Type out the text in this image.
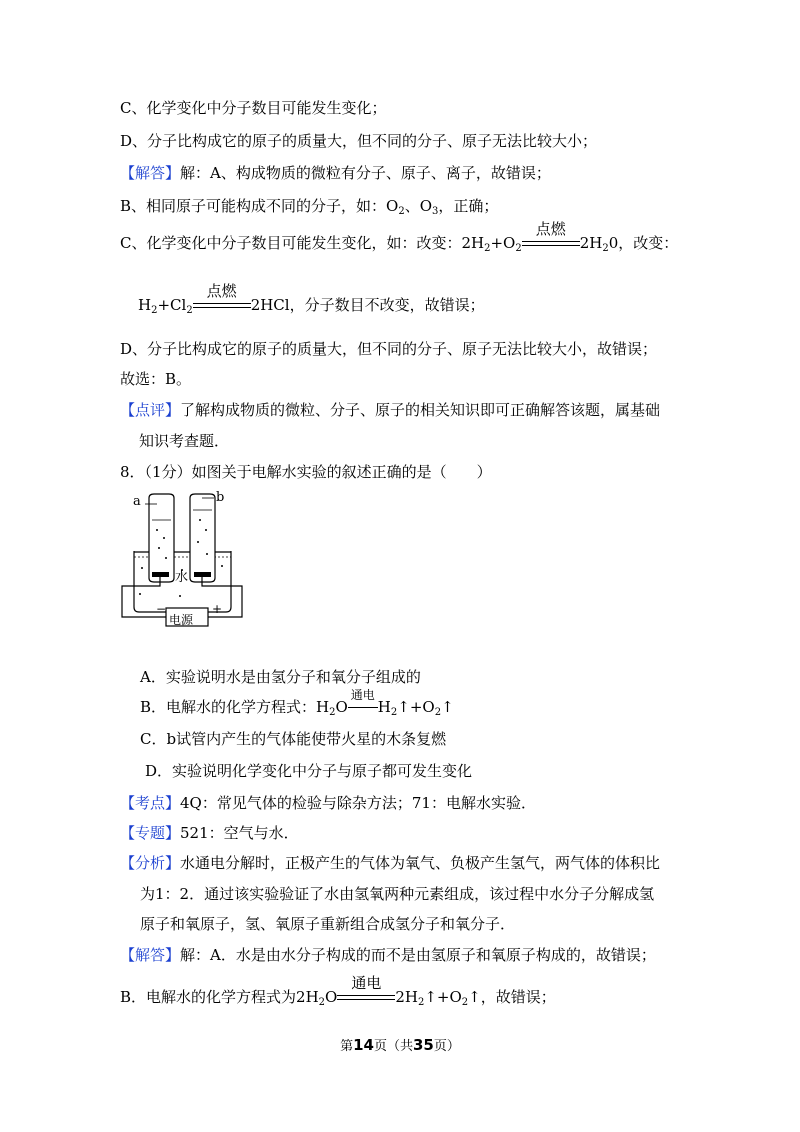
C、化学变化中分子数目可能发生变化；
D、分子比构成它的原子的质量大，但不同的分子、原子无法比较大小；
【解答】解：A、构成物质的微粒有分子、原子、离子，故错误；
B、相同原子可能构成不同的分子，如：$O_2$、$O_3$，正确；
C、化学变化中分子数目可能发生变化，如：改变：$2H_2+O_2$
点燃
$2H_20$，改变：
$H_2+Cl_2$
点燃
2HCl，分子数目不改变，故错误；
D、分子比构成它的原子的质量大，但不同的分子、原子无法比较大小，故错误；
故选：B。
【点评】了解构成物质的微粒、分子、原子的相关知识即可正确解答该题，属基础
知识考查题．
8．（1分）如图关于电解水实验的叙述正确的是（　　）
a	b
水
电源
−	+
A．实验说明水是由氢分子和氧分子组成的
B．电解水的化学方程式：$H_2O$
通电
$H_2↑+O_2↑$
C．b试管内产生的气体能使带火星的木条复燃
D．实验说明化学变化中分子与原子都可发生变化
【考点】4Q：常见气体的检验与除杂方法；71：电解水实验．
【专题】521：空气与水．
【分析】水通电分解时，正极产生的气体为氧气、负极产生氢气，两气体的体积比
为1：2．通过该实验验证了水由氢氧两种元素组成，该过程中水分子分解成氢
原子和氧原子，氢、氧原子重新组合成氢分子和氧分子．
【解答】解：A．水是由水分子构成的而不是由氢原子和氧原子构成的，故错误；
B．电解水的化学方程式为$2H_2O$
通电
$2H_2↑+O_2↑$，故错误；
第14页（共35页）
